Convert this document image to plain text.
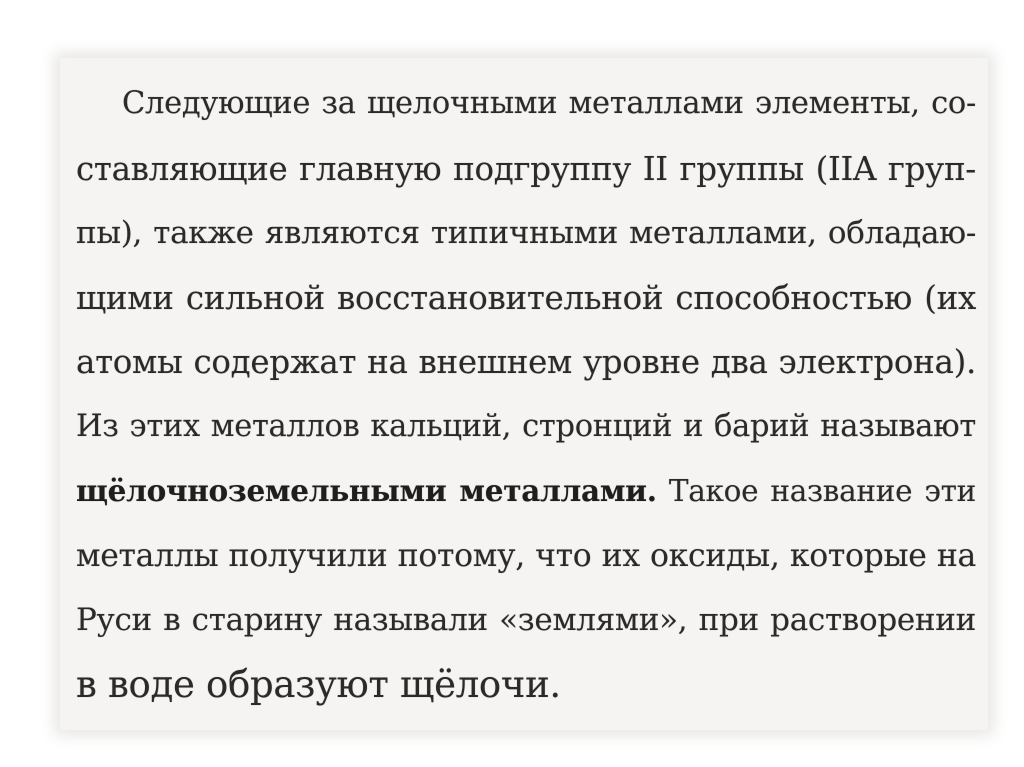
Следующие за щелочными металлами элементы, со-
ставляющие главную подгруппу II группы (IIA груп-
пы), также являются типичными металлами, обладаю-
щими сильной восстановительной способностью (их
атомы содержат на внешнем уровне два электрона).
Из этих металлов кальций, стронций и барий называют
щёлочноземельными металлами. Такое название эти
металлы получили потому, что их оксиды, которые на
Руси в старину называли «землями», при растворении
в воде образуют щёлочи.
